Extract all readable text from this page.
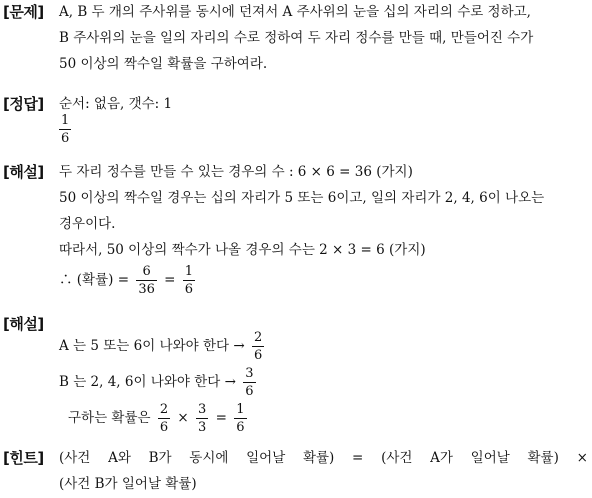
[문제] A, B 두 개의 주사위를 동시에 던져서 A 주사위의 눈을 십의 자리의 수로 정하고,
B 주사위의 눈을 일의 자리의 수로 정하여 두 자리 정수를 만들 때, 만들어진 수가
50 이상의 짝수일 확률을 구하여라.
[정답] 순서: 없음, 갯수: 1
$\frac{1}{6}$
[해설] 두 자리 정수를 만들 수 있는 경우의 수 : 6 × 6 = 36 (가지)
50 이상의 짝수일 경우는 십의 자리가 5 또는 6이고, 일의 자리가 2, 4, 6이 나오는
경우이다.
따라서, 50 이상의 짝수가 나올 경우의 수는 2 × 3 = 6 (가지)
∴ (확률) = $\frac{6}{36} = \frac{1}{6}$
[해설]
A 는 5 또는 6이 나와야 한다 → $\frac{2}{6}$
B 는 2, 4, 6이 나와야 한다 → $\frac{3}{6}$
구하는 확률은 $\frac{2}{6} \times \frac{3}{3} = \frac{1}{6}$
[힌트] (사건 A와 B가 동시에 일어날 확률) = (사건 A가 일어날 확률) ×
(사건 B가 일어날 확률)
